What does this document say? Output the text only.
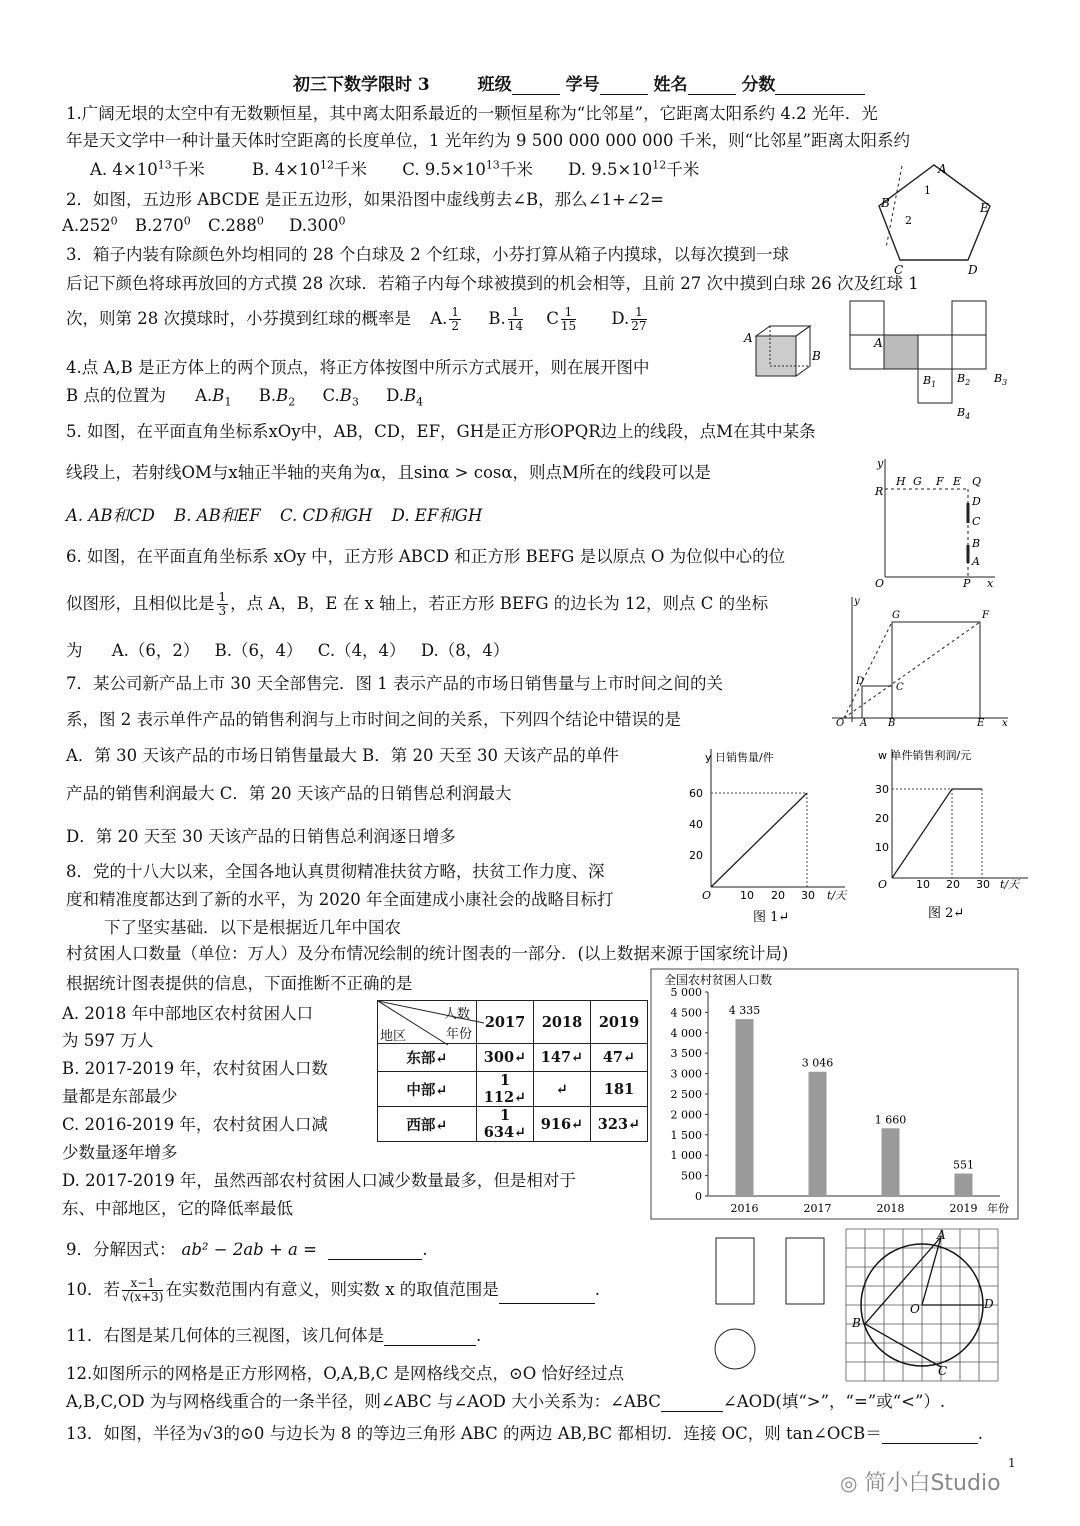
初三下数学限时 3	班级	学号	姓名	分数
1.广阔无垠的太空中有无数颗恒星，其中离太阳系最近的一颗恒星称为“比邻星”，它距离太阳系约 4.2 光年．光
年是天文学中一种计量天体时空距离的长度单位，1 光年约为 9 500 000 000 000 千米，则“比邻星”距离太阳系约
A. $4\times 10^{13}$千米	B. $4\times 10^{12}$千米 C. $9.5\times 10^{13}$千米 D. $9.5\times 10^{12}$千米
2．如图，五边形 ABCDE 是正五边形，如果沿图中虚线剪去∠B，那么∠1+∠2=
$A.252^0$ B.270$^0$ C.288$^0$ D.300$^0$
A
B
C	D
E
1
2
3．箱子内装有除颜色外均相同的 28 个白球及 2 个红球，小芬打算从箱子内摸球，以每次摸到一球
后记下颜色将球再放回的方式摸 28 次球．若箱子内每个球被摸到的机会相等，且前 27 次中摸到白球 26 次及红球 1
次，则第 28 次摸球时，小芬摸到红球的概率是 A. $\frac{1}{2} B$. $\frac{1}{14}$ C $\frac{1}{15} D$. $\frac{1}{27}$
4.点 A,B 是正方体上的两个顶点，将正方体按图中所示方式展开，则在展开图中
B 点的位置为 $A.B_1$ $B.B_2$ $C.B_3$ $D.B_4$
A
B
A
$B_1$ $B_2$ $B_3$
$B_4$
5. 如图，在平面直角坐标系xOy中，AB，CD，EF，GH是正方形OPQR边上的线段，点M在其中某条
线段上，若射线OM与x轴正半轴的夹角为α，且sinα > cosα，则点M所在的线段可以是
A. AB和CD B. AB和EF C. CD和GH D. EF和GH
y
R
H G F E Q
D
C
B
A
O	P x
6. 如图，在平面直角坐标系 xOy 中，正方形 ABCD 和正方形 BEFG 是以原点 O 为位似中心的位
似图形，且相似比是 $\frac{1}{3}$ ，点 A，B，E 在 x 轴上，若正方形 BEFG 的边长为 12，则点 C 的坐标
为 A.（6，2） B.（6，4） C.（4，4） D.（8，4）
y
G	F
D
C
O A B	E x
7．某公司新产品上市 30 天全部售完．图 1 表示产品的市场日销售量与上市时间之间的关
系，图 2 表示单件产品的销售利润与上市时间之间的关系，下列四个结论中错误的是
A．第 30 天该产品的市场日销售量最大 B．第 20 天至 30 天该产品的单件
产品的销售利润最大 C．第 20 天该产品的日销售总利润最大
D．第 20 天至 30 天该产品的日销售总利润逐日增多
y 日销售量/件
60
40
20
O	10 20 30 t/天
图 1↵
w 单件销售利润/元
30
20
10
O	10 20 30 t/天
图 2↵
8．党的十八大以来，全国各地认真贯彻精准扶贫方略，扶贫工作力度、深
度和精准度都达到了新的水平，为 2020 年全面建成小康社会的战略目标打
下了坚实基础．以下是根据近几年中国农
村贫困人口数量（单位：万人）及分布情况绘制的统计图表的一部分．(以上数据来源于国家统计局)
根据统计图表提供的信息，下面推断不正确的是
A. 2018 年中部地区农村贫困人口
为 597 万人
B. 2017-2019 年，农村贫困人口数
量都是东部最少
C. 2016-2019 年，农村贫困人口减
少数量逐年增多
D. 2017-2019 年，虽然西部农村贫困人口减少数量最多，但是相对于
东、中部地区，它的降低率最低
人数
年份
地区	2017	2018	2019
东部↵	300↵	147↵	47↵
中部↵	1 112↵	↵	181
西部↵	1 634↵	916↵	323↵
全国农村贫困人口数
5 000
4 500
4 000
3 500
3 000
2 500
2 000
1 500
1 000
500
0
4 335
2016
3 046
2017
1 660
2018
551
2019 年份
9．分解因式： ab² − 2ab + a =	.
10．若 $\frac{x-1}{√(x+3)}$ 在实数范围内有意义，则实数 x 的取值范围是	.
11．右图是某几何体的三视图，该几何体是	.
A
B
C
D
O
12.如图所示的网格是正方形网格，O,A,B,C 是网格线交点，⊙O 恰好经过点
A,B,C,OD 为与网格线重合的一条半径，则∠ABC 与∠AOD 大小关系为：∠ABC	∠AOD(填“>”，“=”或“<”）.
13．如图，半径为√3的⊙0 与边长为 8 的等边三角形 ABC 的两边 AB,BC 都相切．连接 OC，则 tan∠OCB＝	.
1
◎ 简小白Studio
